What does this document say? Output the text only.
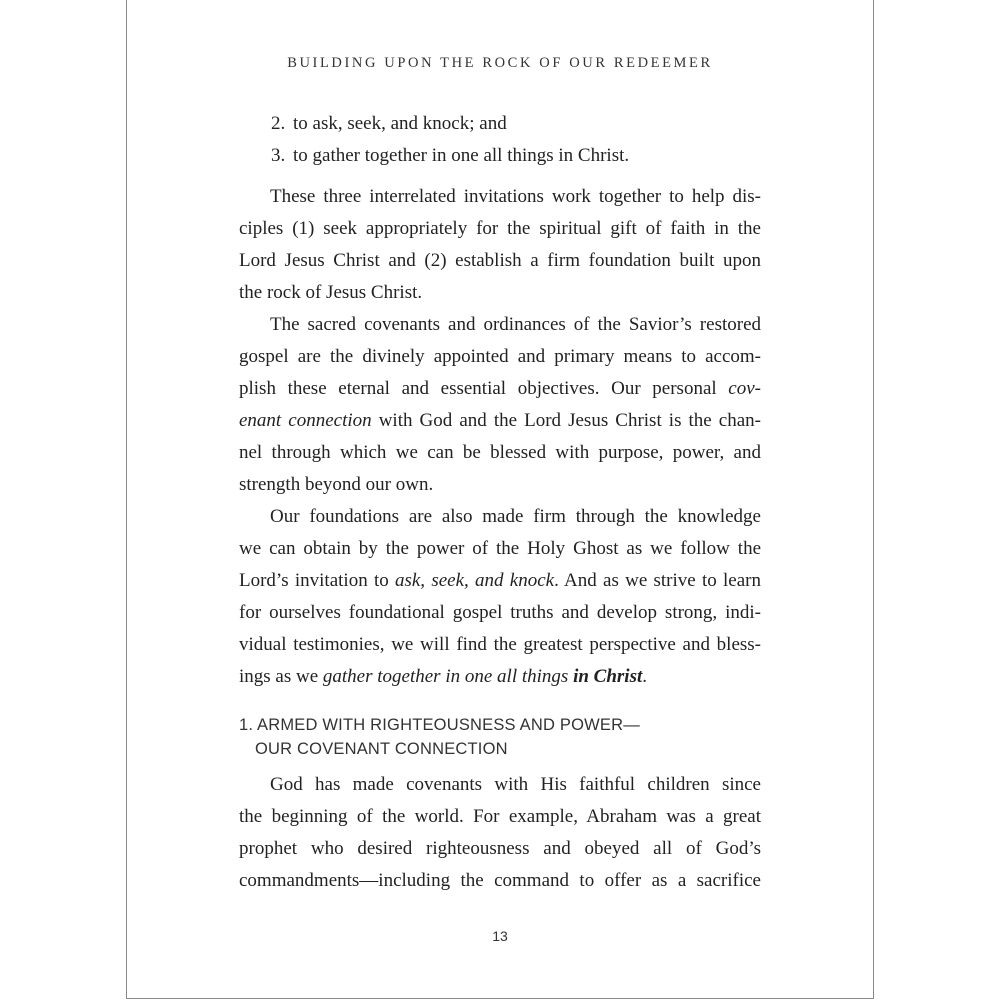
BUILDING UPON THE ROCK OF OUR REDEEMER
2. to ask, seek, and knock; and
3. to gather together in one all things in Christ.
These three interrelated invitations work together to help dis-
ciples (1) seek appropriately for the spiritual gift of faith in the
Lord Jesus Christ and (2) establish a firm foundation built upon
the rock of Jesus Christ.
The sacred covenants and ordinances of the Savior’s restored
gospel are the divinely appointed and primary means to accom-
plish these eternal and essential objectives. Our personal cov-
enant connection with God and the Lord Jesus Christ is the chan-
nel through which we can be blessed with purpose, power, and
strength beyond our own.
Our foundations are also made firm through the knowledge
we can obtain by the power of the Holy Ghost as we follow the
Lord’s invitation to ask, seek, and knock. And as we strive to learn
for ourselves foundational gospel truths and develop strong, indi-
vidual testimonies, we will find the greatest perspective and bless-
ings as we gather together in one all things in Christ.
1. ARMED WITH RIGHTEOUSNESS AND POWER—
OUR COVENANT CONNECTION
God has made covenants with His faithful children since
the beginning of the world. For example, Abraham was a great
prophet who desired righteousness and obeyed all of God’s
commandments—including the command to offer as a sacrifice
13
